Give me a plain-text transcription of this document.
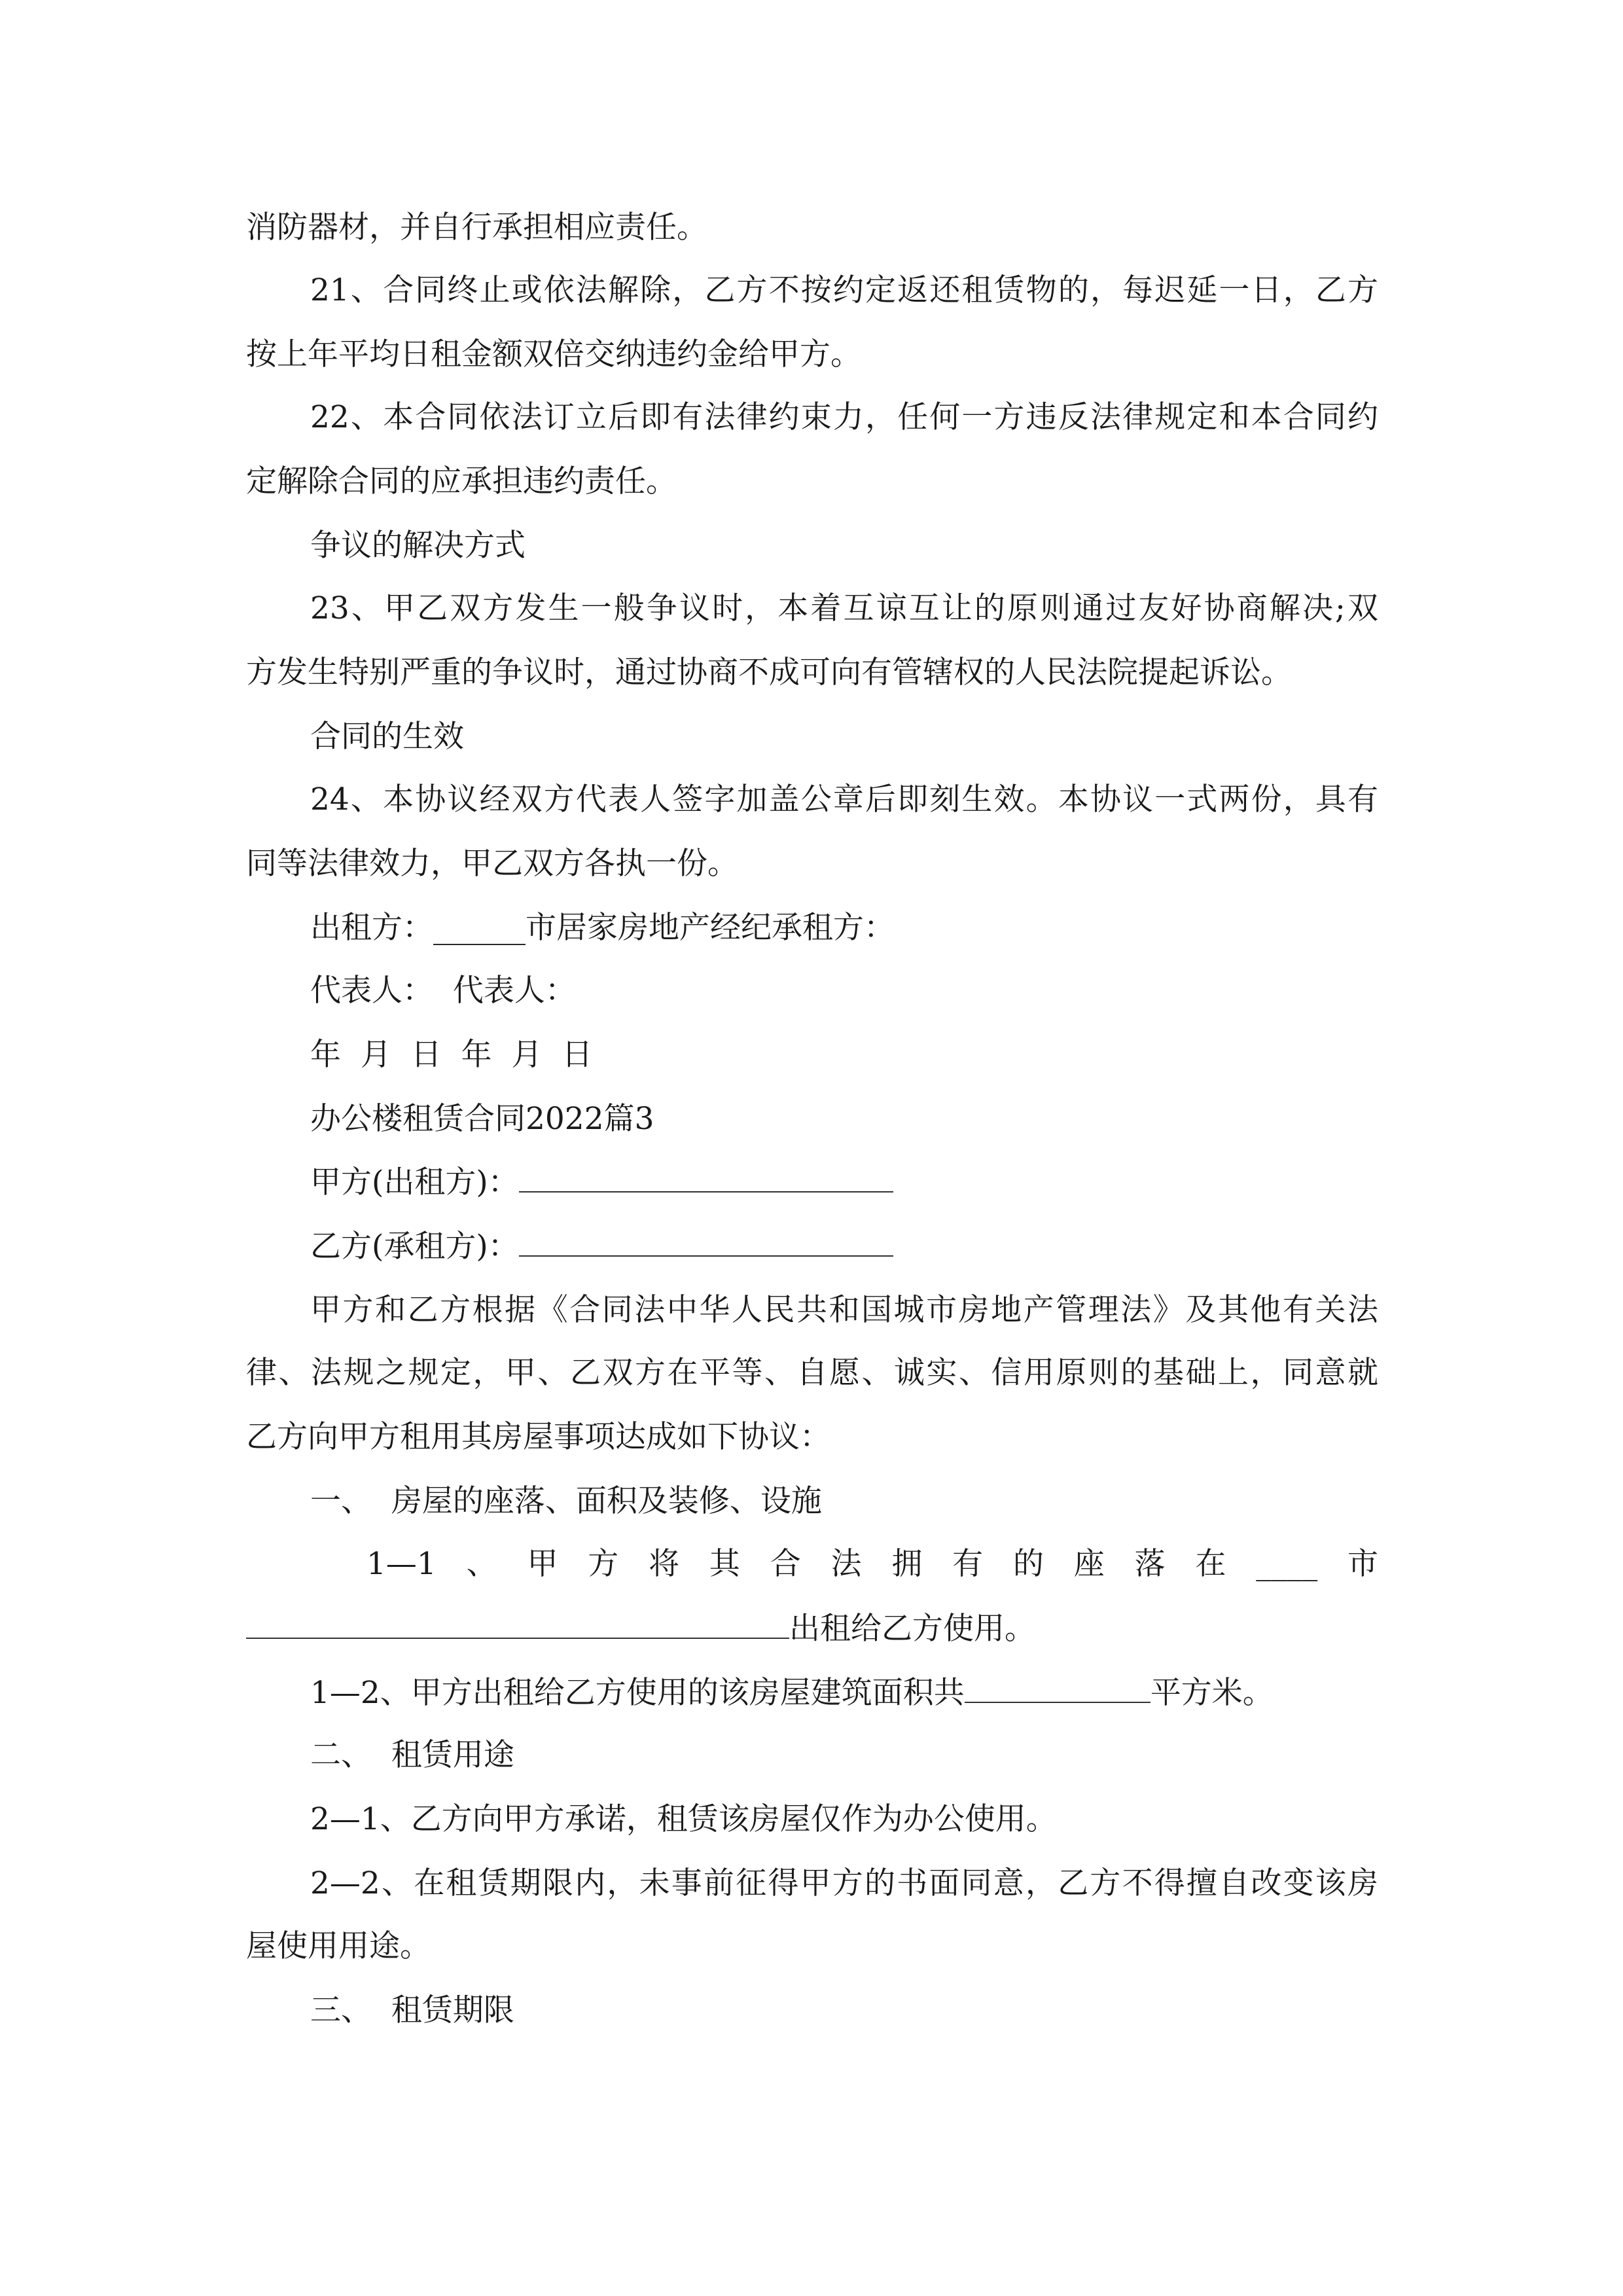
消防器材，并自行承担相应责任。
21、合同终止或依法解除，乙方不按约定返还租赁物的，每迟延一日，乙方
按上年平均日租金额双倍交纳违约金给甲方。
22、本合同依法订立后即有法律约束力，任何一方违反法律规定和本合同约
定解除合同的应承担违约责任。
争议的解决方式
23、甲乙双方发生一般争议时，本着互谅互让的原则通过友好协商解决;双
方发生特别严重的争议时，通过协商不成可向有管辖权的人民法院提起诉讼。
合同的生效
24、本协议经双方代表人签字加盖公章后即刻生效。本协议一式两份，具有
同等法律效力，甲乙双方各执一份。
出租方：______市居家房地产经纪承租方：
代表人：  代表人：
年  月  日  年  月  日
办公楼租赁合同2022篇3
甲方(出租方)：
乙方(承租方)：
甲方和乙方根据《合同法中华人民共和国城市房地产管理法》及其他有关法
律、法规之规定，甲、乙双方在平等、自愿、诚实、信用原则的基础上，同意就
乙方向甲方租用其房屋事项达成如下协议：
一、  房屋的座落、面积及装修、设施
1—1 、 甲 方 将 其 合 法 拥 有 的 座 落 在 ____ 市
出租给乙方使用。
1—2、甲方出租给乙方使用的该房屋建筑面积共	平方米。
二、  租赁用途
2—1、乙方向甲方承诺，租赁该房屋仅作为办公使用。
2—2、在租赁期限内，未事前征得甲方的书面同意，乙方不得擅自改变该房
屋使用用途。
三、  租赁期限
